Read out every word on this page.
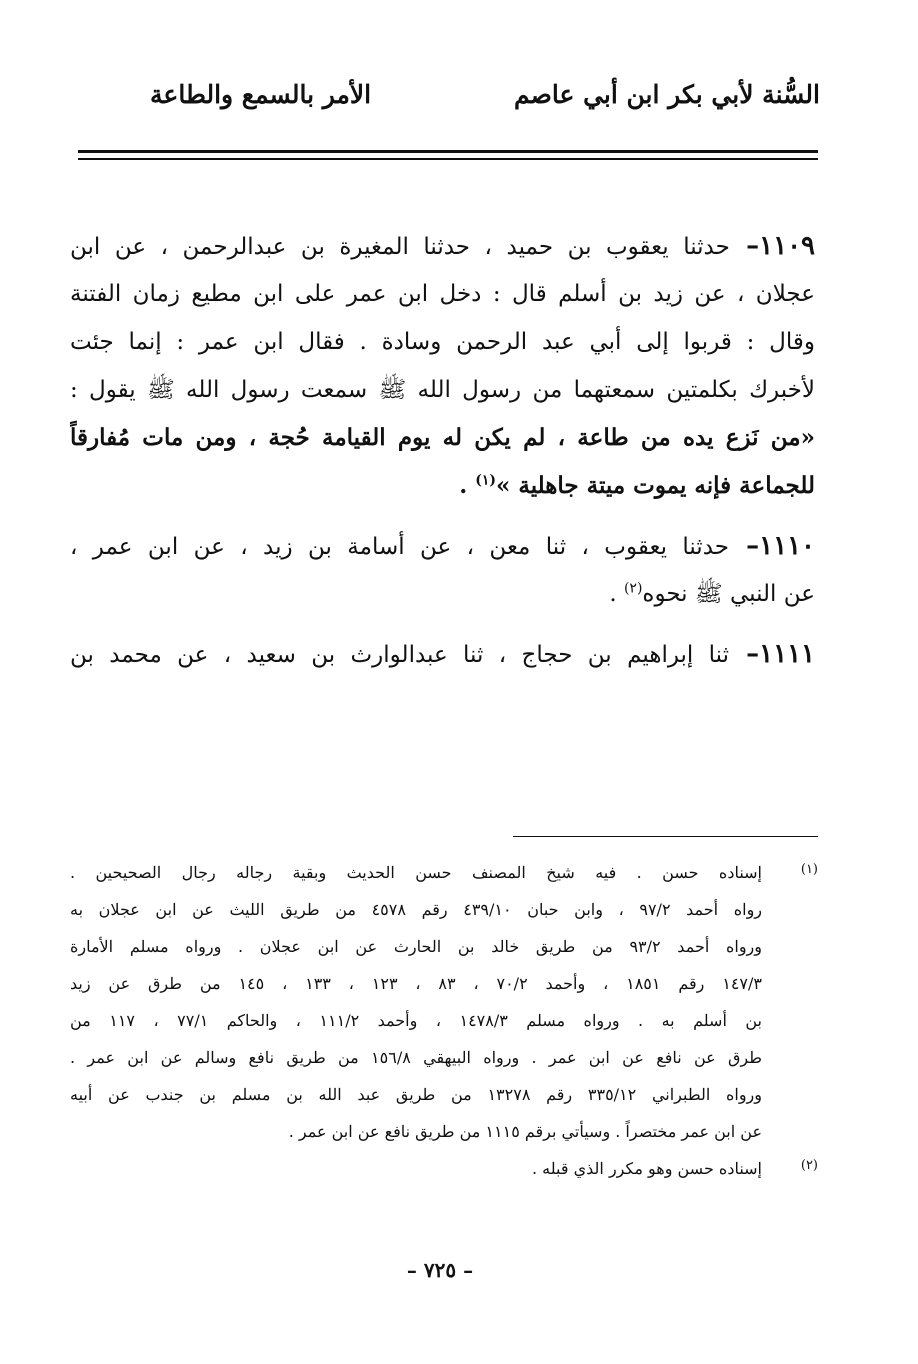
السُّنة لأبي بكر ابن أبي عاصم
الأمر بالسمع والطاعة
١١٠٩– حدثنا يعقوب بن حميد ، حدثنا المغيرة بن عبدالرحمن ، عن ابن
عجلان ، عن زيد بن أسلم قال : دخل ابن عمر على ابن مطيع زمان الفتنة
وقال : قربوا إلى أبي عبد الرحمن وسادة . فقال ابن عمر : إنما جئت
لأخبرك بكلمتين سمعتهما من رسول الله ﷺ سمعت رسول الله ﷺ يقول :
«من نَزع يده من طاعة ، لم يكن له يوم القيامة حُجة ، ومن مات مُفارقاً
للجماعة فإنه يموت ميتة جاهلية »$^{(١)}$ .
١١١٠– حدثنا يعقوب ، ثنا معن ، عن أسامة بن زيد ، عن ابن عمر ،
عن النبي ﷺ نحوه$^{(٢)}$ .
١١١١– ثنا إبراهيم بن حجاج ، ثنا عبدالوارث بن سعيد ، عن محمد بن
(١)
إسناده حسن . فيه شيخ المصنف حسن الحديث وبقية رجاله رجال الصحيحين .
رواه أحمد ٩٧/٢ ، وابن حبان ٤٣٩/١٠ رقم ٤٥٧٨ من طريق الليث عن ابن عجلان به
ورواه أحمد ٩٣/٢ من طريق خالد بن الحارث عن ابن عجلان . ورواه مسلم الأمارة
١٤٧/٣ رقم ١٨٥١ ، وأحمد ٧٠/٢ ، ٨٣ ، ١٢٣ ، ١٣٣ ، ١٤٥ من طرق عن زيد
بن أسلم به . ورواه مسلم ١٤٧٨/٣ ، وأحمد ١١١/٢ ، والحاكم ٧٧/١ ، ١١٧ من
طرق عن نافع عن ابن عمر . ورواه البيهقي ١٥٦/٨ من طريق نافع وسالم عن ابن عمر .
ورواه الطبراني ٣٣٥/١٢ رقم ١٣٢٧٨ من طريق عبد الله بن مسلم بن جندب عن أبيه
عن ابن عمر مختصراً . وسيأتي برقم ١١١٥ من طريق نافع عن ابن عمر .
(٢)
إسناده حسن وهو مكرر الذي قبله .
– ٧٢٥ –
